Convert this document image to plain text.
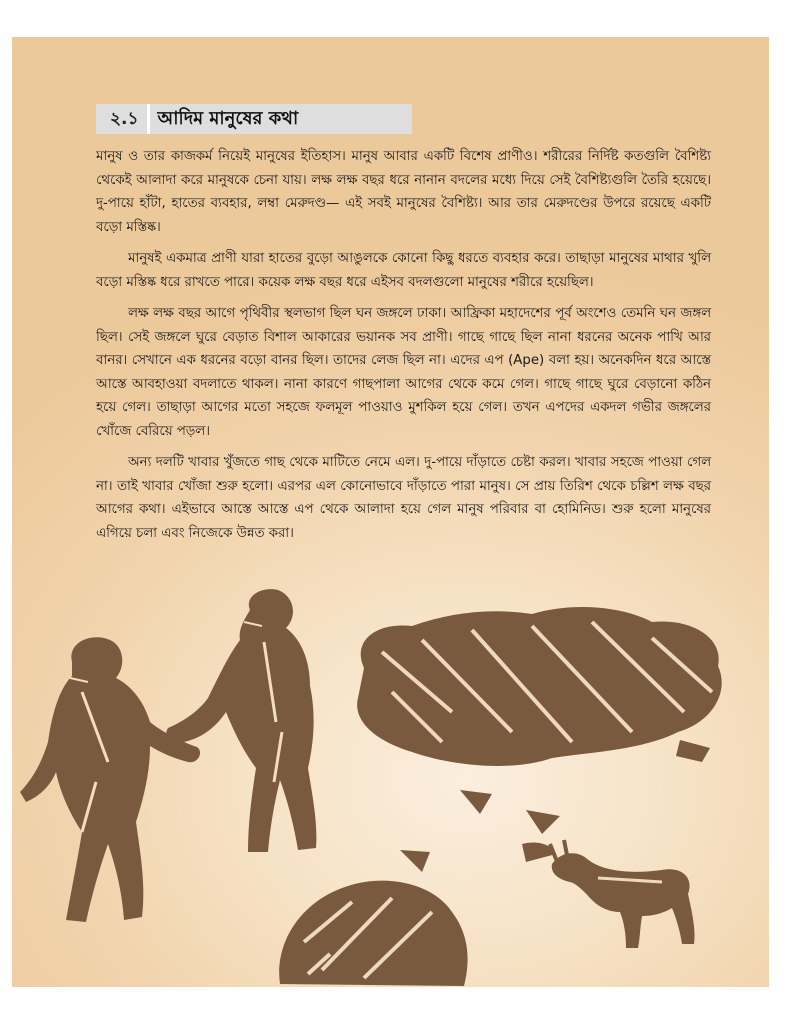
২.১	আদিম মানুষের কথা

মানুষ ও তার কাজকর্ম নিয়েই মানুষের ইতিহাস। মানুষ আবার একটি বিশেষ প্রাণীও। শরীরের নির্দিষ্ট কতগুলি বৈশিষ্ট্য থেকেই আলাদা করে মানুষকে চেনা যায়। লক্ষ লক্ষ বছর ধরে নানান বদলের মধ্যে দিয়ে সেই বৈশিষ্ট্যগুলি তৈরি হয়েছে। দু-পায়ে হাঁটা, হাতের ব্যবহার, লম্বা মেরুদণ্ড— এই সবই মানুষের বৈশিষ্ট্য। আর তার মেরুদণ্ডের উপরে রয়েছে একটি বড়ো মস্তিষ্ক।

মানুষই একমাত্র প্রাণী যারা হাতের বুড়ো আঙুলকে কোনো কিছু ধরতে ব্যবহার করে। তাছাড়া মানুষের মাথার খুলি বড়ো মস্তিষ্ক ধরে রাখতে পারে। কয়েক লক্ষ বছর ধরে এইসব বদলগুলো মানুষের শরীরে হয়েছিল।

লক্ষ লক্ষ বছর আগে পৃথিবীর স্থলভাগ ছিল ঘন জঙ্গলে ঢাকা। আফ্রিকা মহাদেশের পূর্ব অংশেও তেমনি ঘন জঙ্গল ছিল। সেই জঙ্গলে ঘুরে বেড়াত বিশাল আকারের ভয়ানক সব প্রাণী। গাছে গাছে ছিল নানা ধরনের অনেক পাখি আর বানর। সেখানে এক ধরনের বড়ো বানর ছিল। তাদের লেজ ছিল না। এদের এপ (Ape) বলা হয়। অনেকদিন ধরে আস্তে আস্তে আবহাওয়া বদলাতে থাকল। নানা কারণে গাছপালা আগের থেকে কমে গেল। গাছে গাছে ঘুরে বেড়ানো কঠিন হয়ে গেল। তাছাড়া আগের মতো সহজে ফলমূল পাওয়াও মুশকিল হয়ে গেল। তখন এপদের একদল গভীর জঙ্গলের খোঁজে বেরিয়ে পড়ল।

অন্য দলটি খাবার খুঁজতে গাছ থেকে মাটিতে নেমে এল। দু-পায়ে দাঁড়াতে চেষ্টা করল। খাবার সহজে পাওয়া গেল না। তাই খাবার খোঁজা শুরু হলো। এরপর এল কোনোভাবে দাঁড়াতে পারা মানুষ। সে প্রায় তিরিশ থেকে চল্লিশ লক্ষ বছর আগের কথা। এইভাবে আস্তে আস্তে এপ থেকে আলাদা হয়ে গেল মানুষ পরিবার বা হোমিনিড। শুরু হলো মানুষের এগিয়ে চলা এবং নিজেকে উন্নত করা।
